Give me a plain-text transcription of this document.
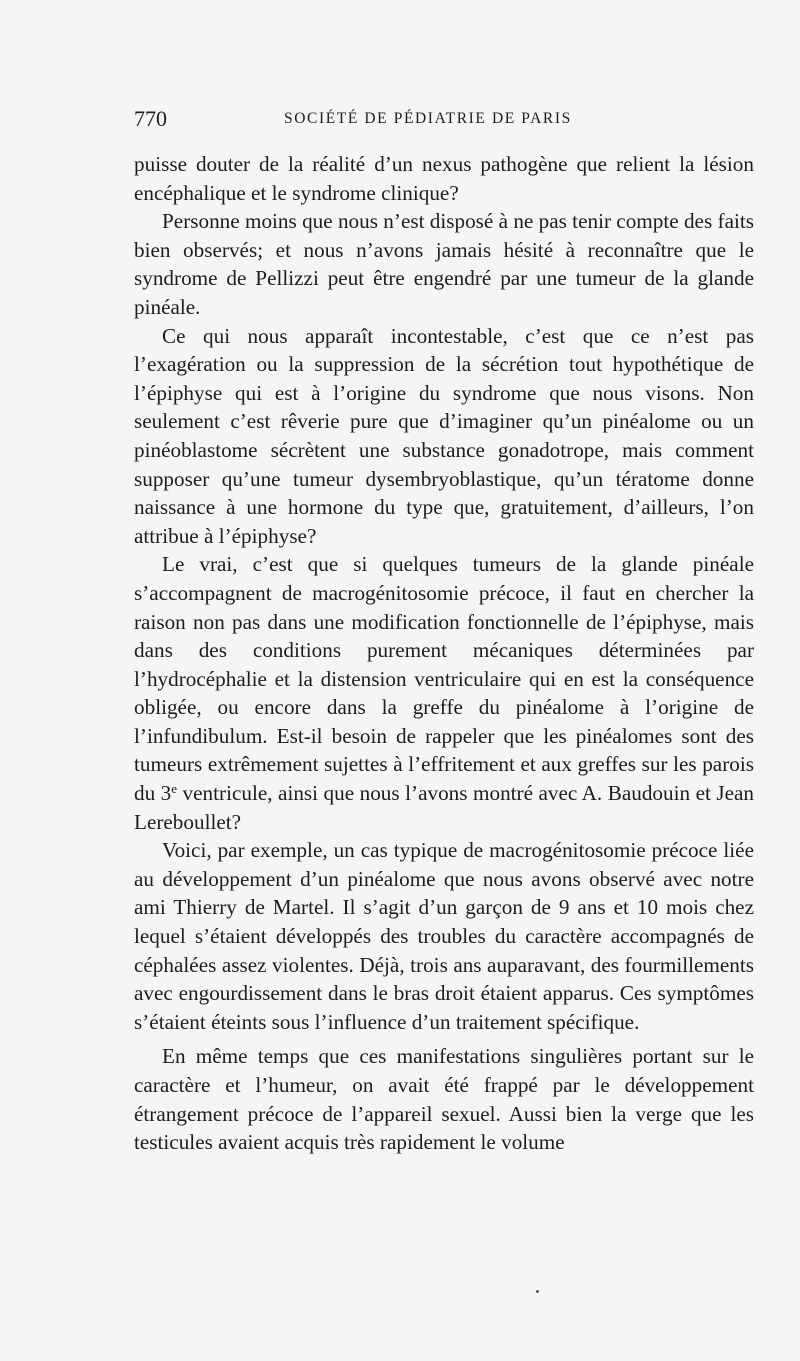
770	SOCIÉTÉ DE PÉDIATRIE DE PARIS

puisse douter de la réalité d’un nexus pathogène que relient la lésion encéphalique et le syndrome clinique?

Personne moins que nous n’est disposé à ne pas tenir compte des faits bien observés; et nous n’avons jamais hésité à reconnaître que le syndrome de Pellizzi peut être engendré par une tumeur de la glande pinéale.

Ce qui nous apparaît incontestable, c’est que ce n’est pas l’exagération ou la suppression de la sécrétion tout hypothétique de l’épiphyse qui est à l’origine du syndrome que nous visons. Non seulement c’est rêverie pure que d’imaginer qu’un pinéalome ou un pinéoblastome sécrètent une substance gonadotrope, mais comment supposer qu’une tumeur dysembryoblastique, qu’un tératome donne naissance à une hormone du type que, gratuitement, d’ailleurs, l’on attribue à l’épiphyse?

Le vrai, c’est que si quelques tumeurs de la glande pinéale s’accompagnent de macrogénitosomie précoce, il faut en chercher la raison non pas dans une modification fonctionnelle de l’épiphyse, mais dans des conditions purement mécaniques déterminées par l’hydrocéphalie et la distension ventriculaire qui en est la conséquence obligée, ou encore dans la greffe du pinéalome à l’origine de l’infundibulum. Est-il besoin de rappeler que les pinéalomes sont des tumeurs extrêmement sujettes à l’effritement et aux greffes sur les parois du 3e ventricule, ainsi que nous l’avons montré avec A. Baudouin et Jean Lereboullet?

Voici, par exemple, un cas typique de macrogénitosomie précoce liée au développement d’un pinéalome que nous avons observé avec notre ami Thierry de Martel. Il s’agit d’un garçon de 9 ans et 10 mois chez lequel s’étaient développés des troubles du caractère accompagnés de céphalées assez violentes. Déjà, trois ans auparavant, des fourmillements avec engourdissement dans le bras droit étaient apparus. Ces symptômes s’étaient éteints sous l’influence d’un traitement spécifique.

En même temps que ces manifestations singulières portant sur le caractère et l’humeur, on avait été frappé par le développement étrangement précoce de l’appareil sexuel. Aussi bien la verge que les testicules avaient acquis très rapidement le volume
